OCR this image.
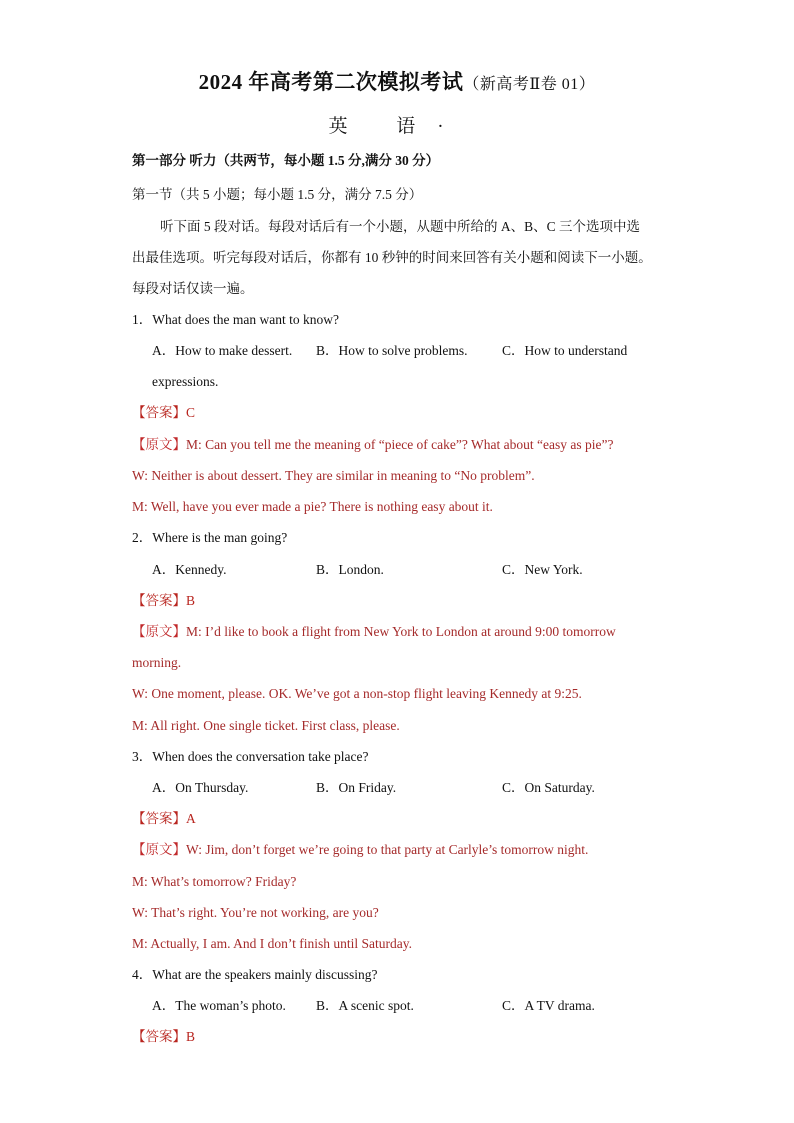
2024 年高考第二次模拟考试（新高考Ⅱ卷 01）
英 语·
第一部分 听力（共两节，每小题 1.5 分,满分 30 分）
第一节（共 5 小题；每小题 1.5 分，满分 7.5 分）
听下面 5 段对话。每段对话后有一个小题，从题中所给的 A、B、C 三个选项中选
出最佳选项。听完每段对话后，你都有 10 秒钟的时间来回答有关小题和阅读下一小题。
每段对话仅读一遍。
1．What does the man want to know?
A．How to make dessert. B．How to solve problems.	C．How to understand
expressions.
【答案】C
【原文】M: Can you tell me the meaning of “piece of cake”? What about “easy as pie”?
W: Neither is about dessert. They are similar in meaning to “No problem”.
M: Well, have you ever made a pie? There is nothing easy about it.
2．Where is the man going?
A．Kennedy.	B．London.	C．New York.
【答案】B
【原文】M: I’d like to book a flight from New York to London at around 9:00 tomorrow
morning.
W: One moment, please. OK. We’ve got a non-stop flight leaving Kennedy at 9:25.
M: All right. One single ticket. First class, please.
3．When does the conversation take place?
A．On Thursday.	B．On Friday.	C．On Saturday.
【答案】A
【原文】W: Jim, don’t forget we’re going to that party at Carlyle’s tomorrow night.
M: What’s tomorrow? Friday?
W: That’s right. You’re not working, are you?
M: Actually, I am. And I don’t finish until Saturday.
4．What are the speakers mainly discussing?
A．The woman’s photo. B．A scenic spot.	C．A TV drama.
【答案】B
